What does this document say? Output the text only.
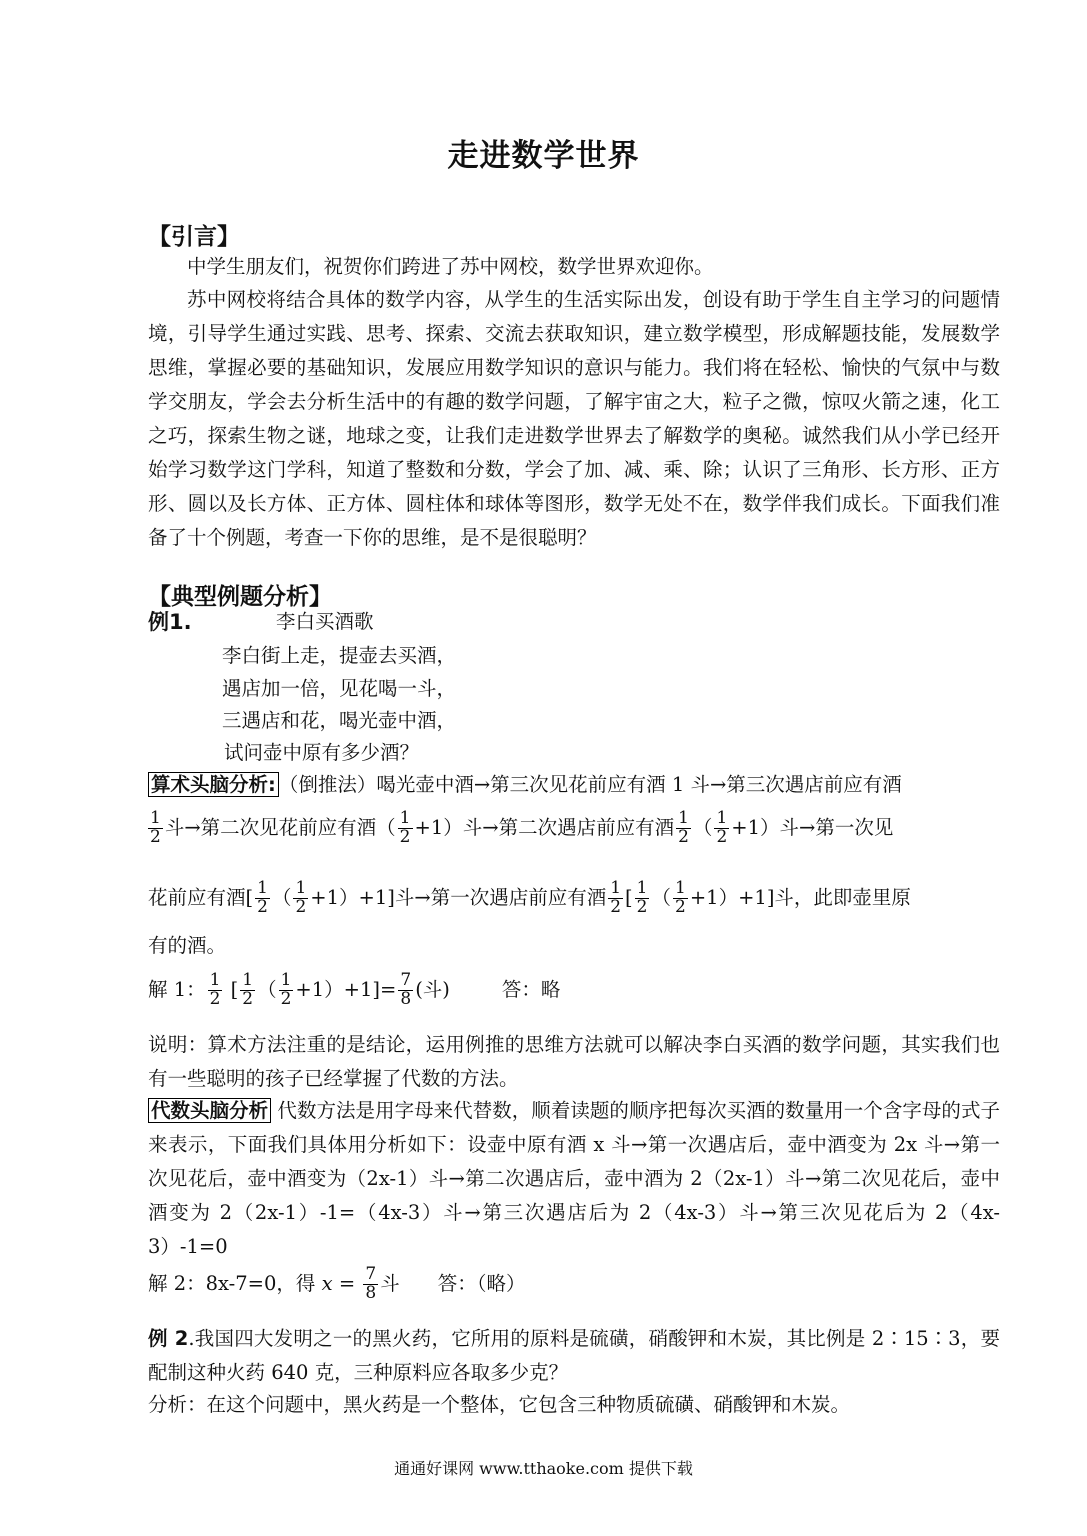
走进数学世界
【引言】
中学生朋友们，祝贺你们跨进了苏中网校，数学世界欢迎你。
苏中网校将结合具体的数学内容，从学生的生活实际出发，创设有助于学生自主学习的问题情境，引导学生通过实践、思考、探索、交流去获取知识，建立数学模型，形成解题技能，发展数学思维，掌握必要的基础知识，发展应用数学知识的意识与能力。我们将在轻松、愉快的气氛中与数学交朋友，学会去分析生活中的有趣的数学问题，了解宇宙之大，粒子之微，惊叹火箭之速，化工之巧，探索生物之谜，地球之变，让我们走进数学世界去了解数学的奥秘。诚然我们从小学已经开始学习数学这门学科，知道了整数和分数，学会了加、减、乘、除；认识了三角形、长方形、正方形、圆以及长方体、正方体、圆柱体和球体等图形，数学无处不在，数学伴我们成长。下面我们准备了十个例题，考查一下你的思维，是不是很聪明？
【典型例题分析】
例1.	李白买酒歌
李白街上走，提壶去买酒，
遇店加一倍，见花喝一斗，
三遇店和花，喝光壶中酒，
试问壶中原有多少酒？
算术头脑分析: （倒推法）喝光壶中酒→第三次见花前应有酒 1 斗→第三次遇店前应有酒
$\frac{1}{2}$ 斗→第二次见花前应有酒（ $\frac{1}{2} +1$）斗→第二次遇店前应有酒 $\frac{1}{2}$ （ $\frac{1}{2} +1$）斗→第一次见
花前应有酒[ $\frac{1}{2}$ （ $\frac{1}{2} +1)+1$]斗→第一次遇店前应有酒 $\frac{1}{2}$ [ $\frac{1}{2}$ （ $\frac{1}{2} +1)+1$]斗，此即壶里原
有的酒。
解 1： $\frac{1}{2}$ [ $\frac{1}{2}$ （ $\frac{1}{2} +1)+1]= \frac{7}{8}$ (斗)	答：略
说明：算术方法注重的是结论，运用例推的思维方法就可以解决李白买酒的数学问题，其实我们也有一些聪明的孩子已经掌握了代数的方法。
代数头脑分析 代数方法是用字母来代替数，顺着读题的顺序把每次买酒的数量用一个含字母的式子来表示，下面我们具体用分析如下：设壶中原有酒 x 斗→第一次遇店后，壶中酒变为 2x 斗→第一次见花后，壶中酒变为（2x-1）斗→第二次遇店后，壶中酒为 2（2x-1）斗→第二次见花后，壶中酒变为 2（2x-1）-1=（4x-3）斗→第三次遇店后为 2（4x-3）斗→第三次见花后为 2（4x-3）-1=0
解 2：8x-7=0，得 $x = \frac{7}{8}$ 斗 答：（略）
例 2.我国四大发明之一的黑火药，它所用的原料是硫磺，硝酸钾和木炭，其比例是 2∶15∶3，要配制这种火药 640 克，三种原料应各取多少克？
分析：在这个问题中，黑火药是一个整体，它包含三种物质硫磺、硝酸钾和木炭。
通通好课网 www.tthaoke.com 提供下载
